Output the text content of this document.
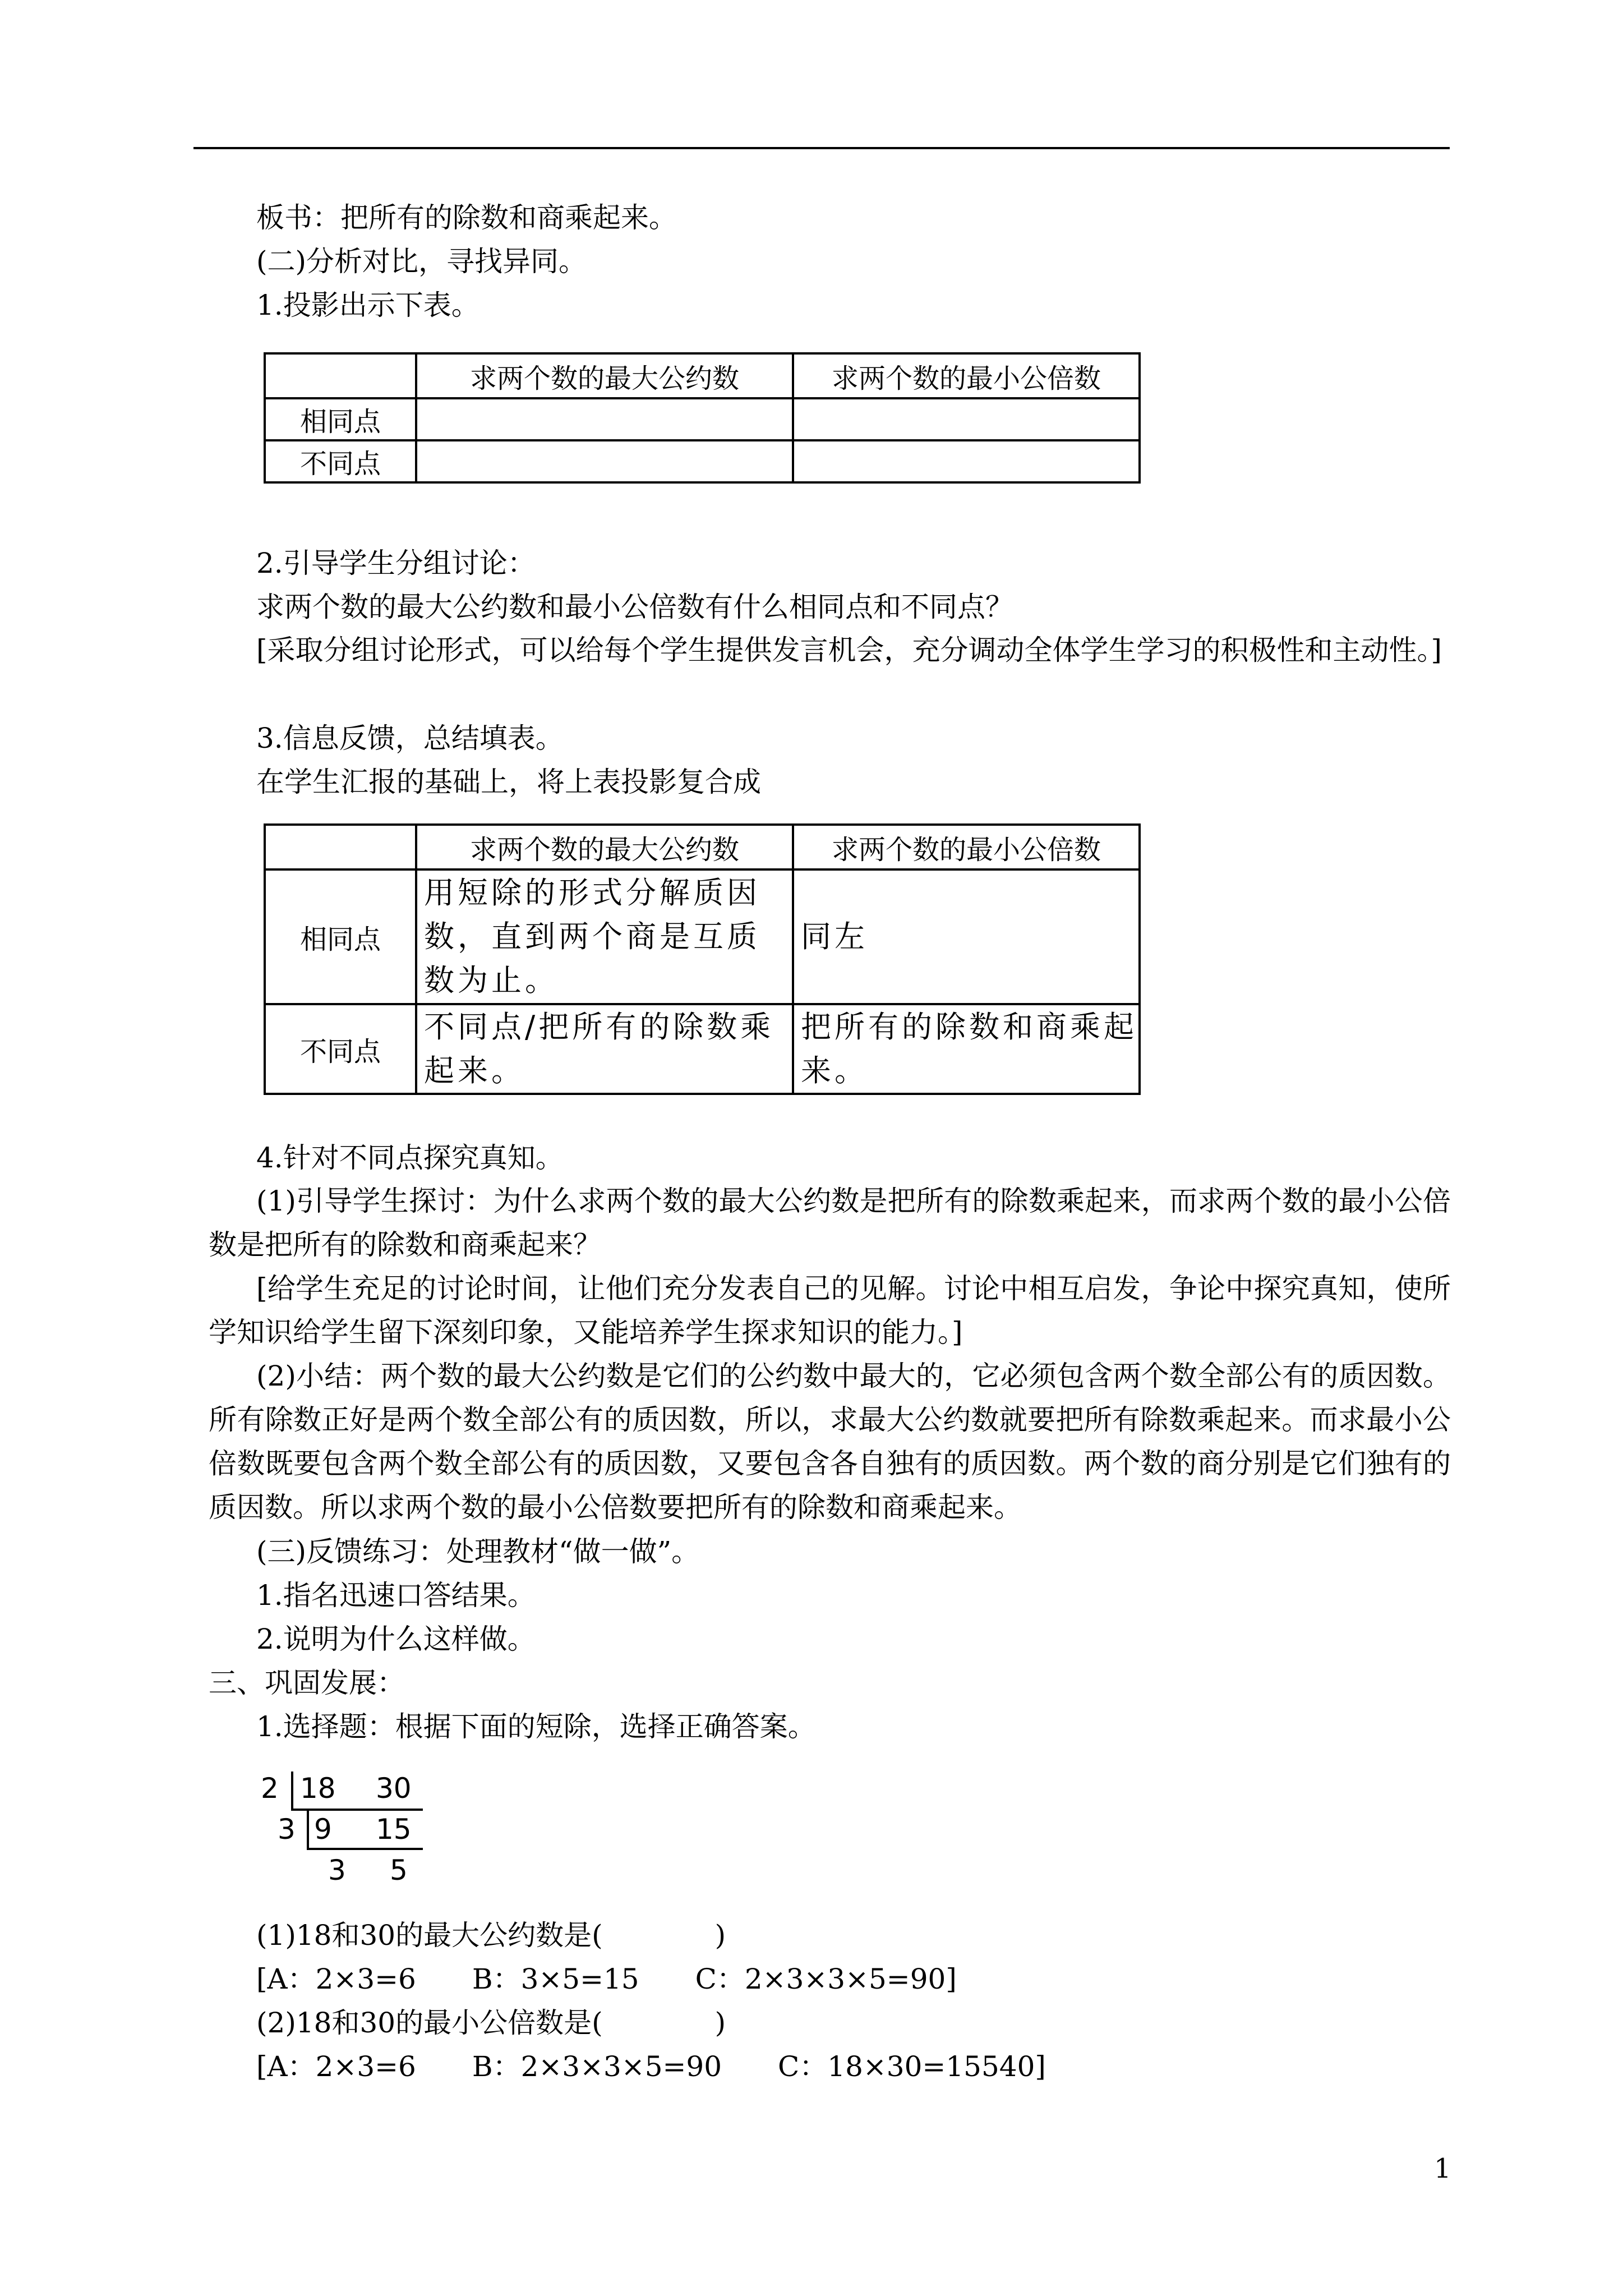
板书：把所有的除数和商乘起来。
(二)分析对比，寻找异同。
1.投影出示下表。
	求两个数的最大公约数	求两个数的最小公倍数
相同点		
不同点		
2.引导学生分组讨论：
求两个数的最大公约数和最小公倍数有什么相同点和不同点？
[采取分组讨论形式，可以给每个学生提供发言机会，充分调动全体学生学习的积极性和主动性。]
3.信息反馈，总结填表。
在学生汇报的基础上，将上表投影复合成
	求两个数的最大公约数	求两个数的最小公倍数
相同点	用短除的形式分解质因数，直到两个商是互质数为止。	同左
不同点	不同点/把所有的除数乘起来。	把所有的除数和商乘起来。
4.针对不同点探究真知。
(1)引导学生探讨：为什么求两个数的最大公约数是把所有的除数乘起来，而求两个数的最小公倍数是把所有的除数和商乘起来？
[给学生充足的讨论时间，让他们充分发表自己的见解。讨论中相互启发，争论中探究真知，使所学知识给学生留下深刻印象，又能培养学生探求知识的能力。]
(2)小结：两个数的最大公约数是它们的公约数中最大的，它必须包含两个数全部公有的质因数。所有除数正好是两个数全部公有的质因数，所以，求最大公约数就要把所有除数乘起来。而求最小公倍数既要包含两个数全部公有的质因数，又要包含各自独有的质因数。两个数的商分别是它们独有的质因数。所以求两个数的最小公倍数要把所有的除数和商乘起来。
(三)反馈练习：处理教材“做一做”。
1.指名迅速口答结果。
2.说明为什么这样做。
三、巩固发展：
1.选择题：根据下面的短除，选择正确答案。
2 18 30
3 9 15
3 5
(1)18和30的最大公约数是(　　　　)
[A：2×3=6　　B：3×5=15　　C：2×3×3×5=90]
(2)18和30的最小公倍数是(　　　　)
[A：2×3=6　　B：2×3×3×5=90　　C：18×30=15540]
1
